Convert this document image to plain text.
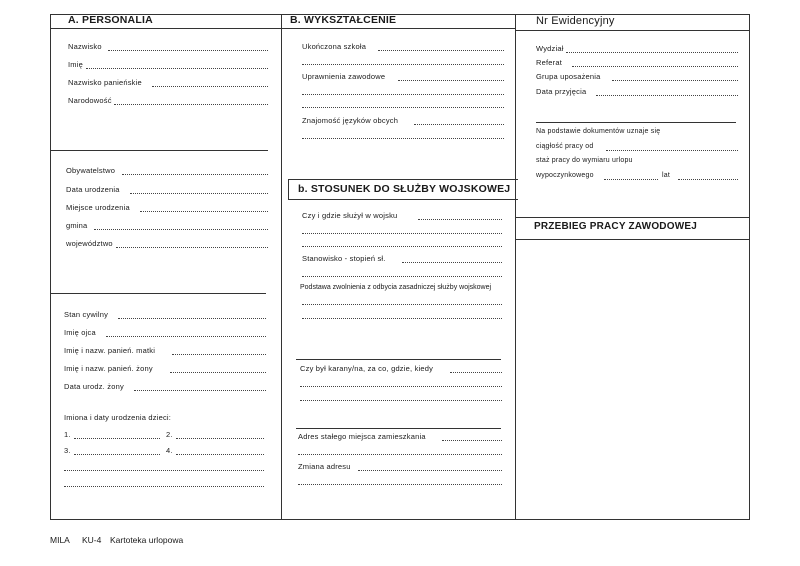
A. PERSONALIA
Nazwisko
Imię
Nazwisko panieńskie
Narodowość
Obywatelstwo
Data urodzenia
Miejsce urodzenia
gmina
województwo
Stan cywilny
Imię ojca
Imię i nazw. panień. matki
Imię i nazw. panień. żony
Data urodz. żony
Imiona i daty urodzenia dzieci:
1.	2.
3.	4.
B. WYKSZTAŁCENIE
Ukończona szkoła
Uprawnienia zawodowe
Znajomość języków obcych
b. STOSUNEK DO SŁUŻBY WOJSKOWEJ
Czy i gdzie służył w wojsku
Stanowisko - stopień sł.
Podstawa zwolnienia z odbycia zasadniczej służby wojskowej
Czy był karany/na, za co, gdzie, kiedy
Adres stałego miejsca zamieszkania
Zmiana adresu
Nr Ewidencyjny
Wydział
Referat
Grupa uposażenia
Data przyjęcia
Na podstawie dokumentów uznaje się
ciągłość pracy od
staż pracy do wymiaru urlopu
wypoczynkowego	lat
PRZEBIEG PRACY ZAWODOWEJ
MILA KU-4 Kartoteka urlopowa
